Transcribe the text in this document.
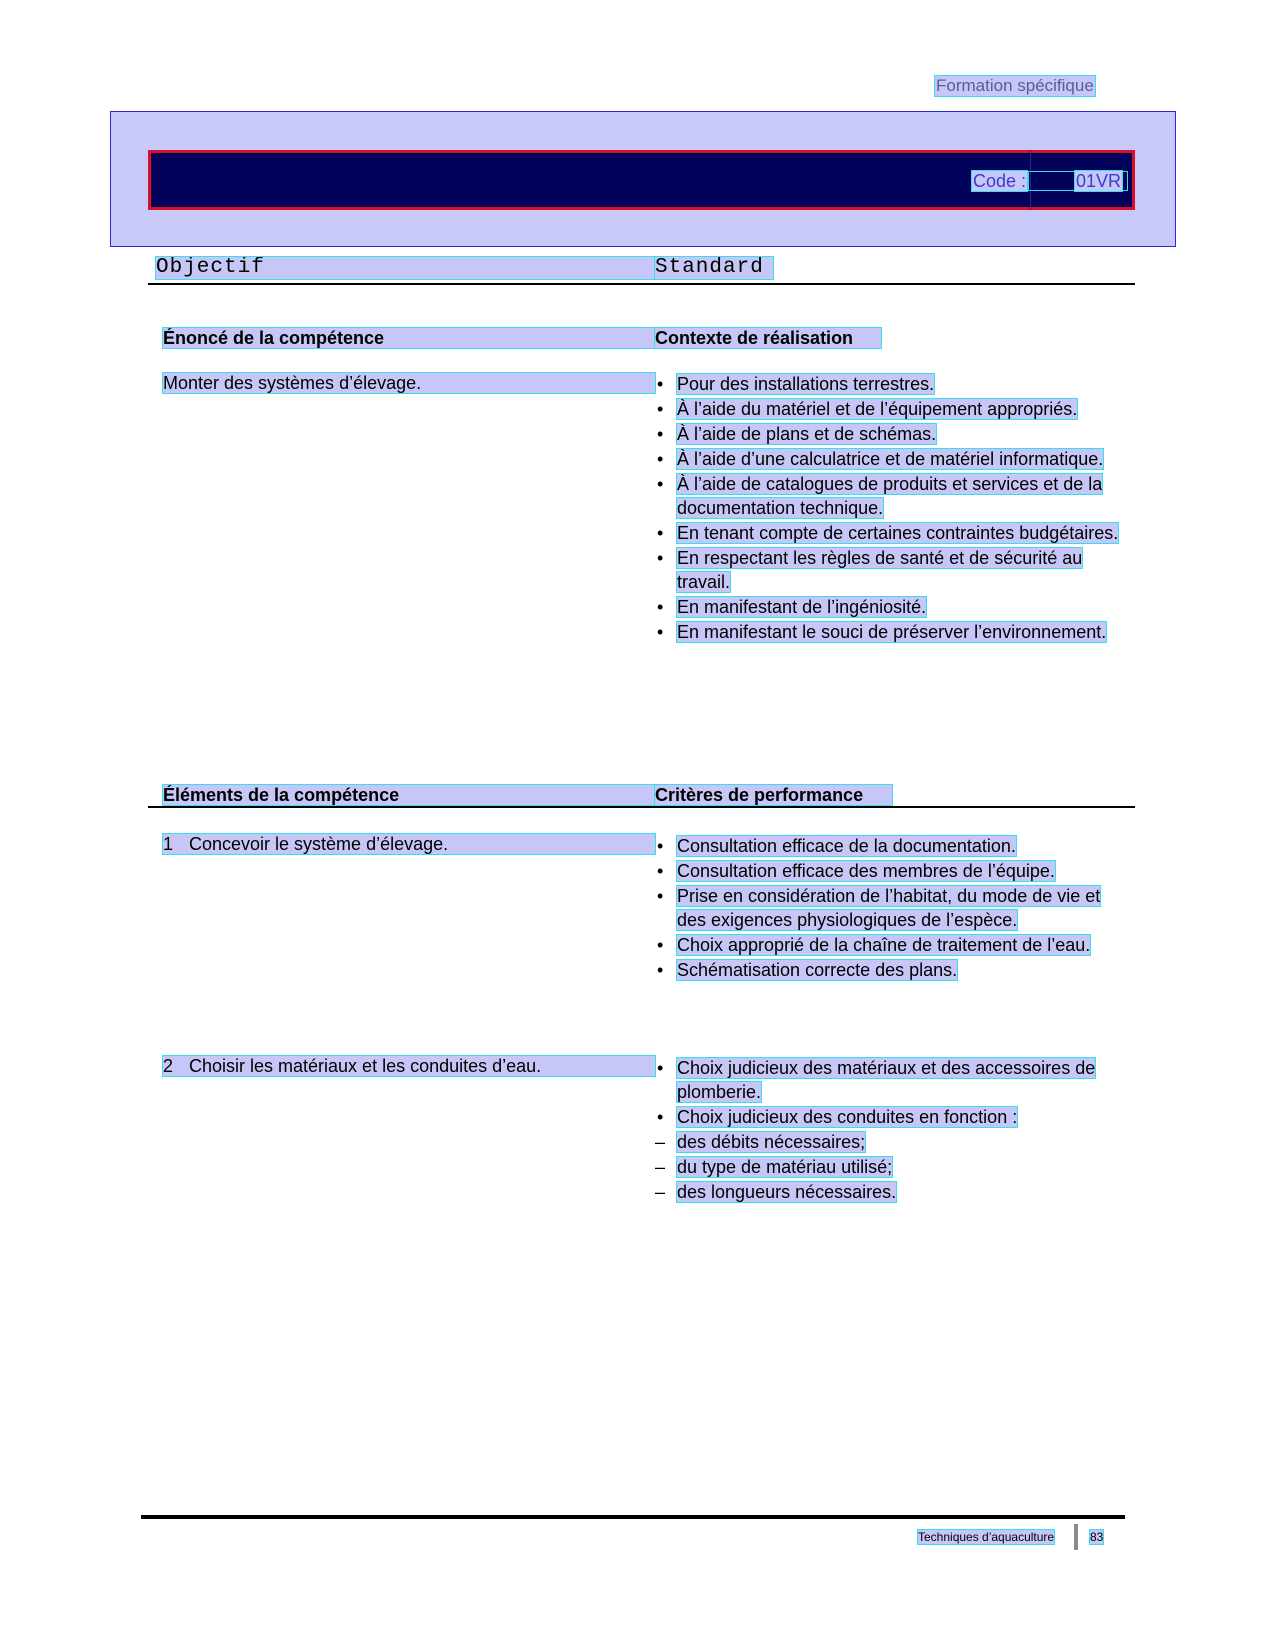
Formation spécifique
Code :	01VR
Objectif	Standard
Énoncé de la compétence	Contexte de réalisation
Monter des systèmes d’élevage.	• Pour des installations terrestres.
• À l’aide du matériel et de l’équipement appropriés.
• À l’aide de plans et de schémas.
• À l’aide d’une calculatrice et de matériel informatique.
• À l’aide de catalogues de produits et services et de la documentation technique.
• En tenant compte de certaines contraintes budgétaires.
• En respectant les règles de santé et de sécurité au travail.
• En manifestant de l’ingéniosité.
• En manifestant le souci de préserver l’environnement.
Éléments de la compétence	Critères de performance
1 Concevoir le système d’élevage.	• Consultation efficace de la documentation.
• Consultation efficace des membres de l’équipe.
• Prise en considération de l’habitat, du mode de vie et des exigences physiologiques de l’espèce.
• Choix approprié de la chaîne de traitement de l’eau.
• Schématisation correcte des plans.
2 Choisir les matériaux et les conduites d’eau.	• Choix judicieux des matériaux et des accessoires de plomberie.
• Choix judicieux des conduites en fonction :
– des débits nécessaires;
– du type de matériau utilisé;
– des longueurs nécessaires.
Techniques d’aquaculture	83
